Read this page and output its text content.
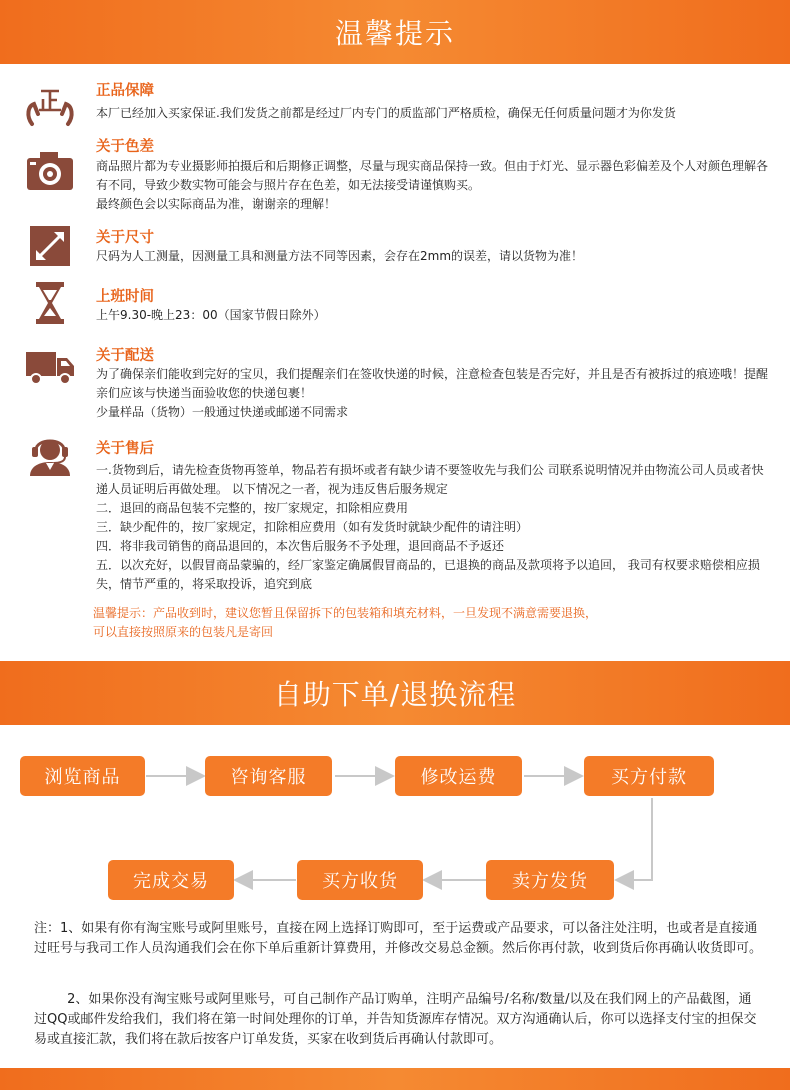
温馨提示
正品保障
本厂已经加入买家保证.我们发货之前都是经过厂内专门的质监部门严格质检，确保无任何质量问题才为你发货
关于色差
商品照片都为专业摄影师拍摄后和后期修正调整，尽量与现实商品保持一致。但由于灯光、显示器色彩偏差及个人对颜色理解各有不同，导致少数实物可能会与照片存在色差，如无法接受请谨慎购买。
最终颜色会以实际商品为准，谢谢亲的理解！
关于尺寸
尺码为人工测量，因测量工具和测量方法不同等因素，会存在2mm的误差，请以货物为准！
上班时间
上午9.30-晚上23：00（国家节假日除外）
关于配送
为了确保亲们能收到完好的宝贝，我们提醒亲们在签收快递的时候，注意检查包装是否完好，并且是否有被拆过的痕迹哦！提醒亲们应该与快递当面验收您的快递包裹！
少量样品（货物）一般通过快递或邮递不同需求
关于售后
一.货物到后，请先检查货物再签单，物品若有损坏或者有缺少请不要签收先与我们公 司联系说明情况并由物流公司人员或者快递人员证明后再做处理。 以下情况之一者，视为违反售后服务规定
二．退回的商品包装不完整的，按厂家规定，扣除相应费用
三．缺少配件的，按厂家规定，扣除相应费用（如有发货时就缺少配件的请注明）
四．将非我司销售的商品退回的，本次售后服务不予处理，退回商品不予返还
五．以次充好，以假冒商品蒙骗的，经厂家鉴定确属假冒商品的，已退换的商品及款项将予以追回， 我司有权要求赔偿相应损失，情节严重的，将采取投诉，追究到底
温馨提示：产品收到时，建议您暂且保留拆下的包装箱和填充材料，一旦发现不满意需要退换，
可以直接按照原来的包装凡是寄回
自助下单/退换流程
浏览商品	咨询客服	修改运费	买方付款
卖方发货
买方收货
完成交易
注：1、如果有你有淘宝账号或阿里账号，直接在网上选择订购即可，至于运费或产品要求，可以备注处注明，也或者是直接通过旺号与我司工作人员沟通我们会在你下单后重新计算费用，并修改交易总金额。然后你再付款，收到货后你再确认收货即可。
2、如果你没有淘宝账号或阿里账号，可自己制作产品订购单，注明产品编号/名称/数量/以及在我们网上的产品截图，通过QQ或邮件发给我们，我们将在第一时间处理你的订单，并告知货源库存情况。双方沟通确认后，你可以选择支付宝的担保交易或直接汇款，我们将在款后按客户订单发货，买家在收到货后再确认付款即可。
